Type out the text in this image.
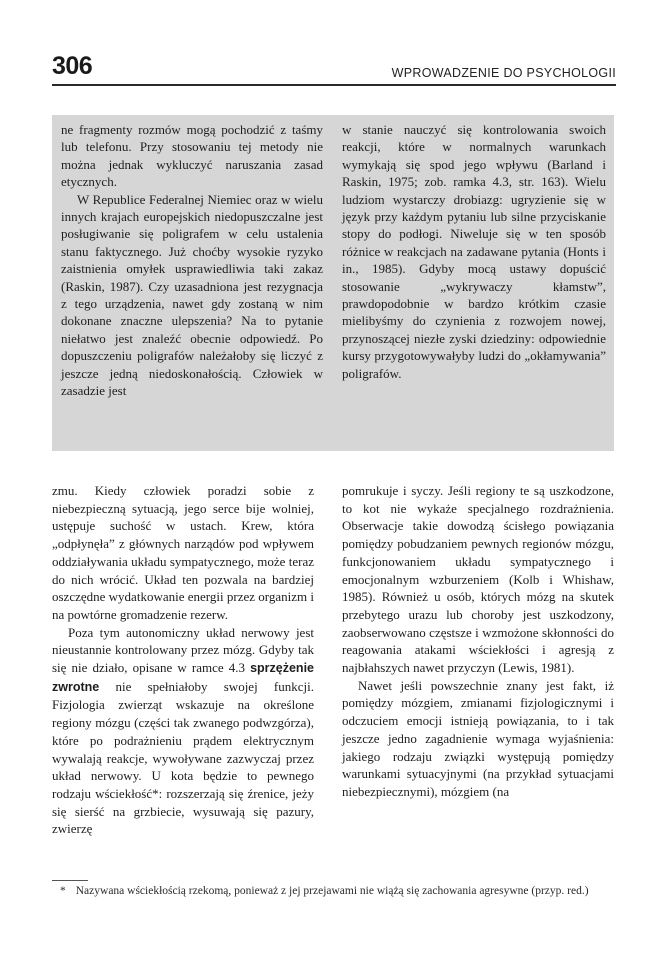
306	WPROWADZENIE DO PSYCHOLOGII

ne fragmenty rozmów mogą pochodzić z taśmy lub telefonu. Przy stosowaniu tej metody nie można jednak wykluczyć naruszania zasad etycznych.

W Republice Federalnej Niemiec oraz w wielu innych krajach europejskich niedopuszczalne jest posługiwanie się poligrafem w celu ustalenia stanu faktycznego. Już choćby wysokie ryzyko zaistnienia omyłek usprawiedliwia taki zakaz (Raskin, 1987). Czy uzasadniona jest rezygnacja z tego urządzenia, nawet gdy zostaną w nim dokonane znaczne ulepszenia? Na to pytanie niełatwo jest znaleźć obecnie odpowiedź. Po dopuszczeniu poligrafów należałoby się liczyć z jeszcze jedną niedoskonałością. Człowiek w zasadzie jest

w stanie nauczyć się kontrolowania swoich reakcji, które w normalnych warunkach wymykają się spod jego wpływu (Barland i Raskin, 1975; zob. ramka 4.3, str. 163). Wielu ludziom wystarczy drobiazg: ugryzienie się w język przy każdym pytaniu lub silne przyciskanie stopy do podłogi. Niweluje się w ten sposób różnice w reakcjach na zadawane pytania (Honts i in., 1985). Gdyby mocą ustawy dopuścić stosowanie „wykrywaczy kłamstw”, prawdopodobnie w bardzo krótkim czasie mielibyśmy do czynienia z rozwojem nowej, przynoszącej niezłe zyski dziedziny: odpowiednie kursy przygotowywałyby ludzi do „okłamywania” poligrafów.

zmu. Kiedy człowiek poradzi sobie z niebezpieczną sytuacją, jego serce bije wolniej, ustępuje suchość w ustach. Krew, która „odpłynęła” z głównych narządów pod wpływem oddziaływania układu sympatycznego, może teraz do nich wrócić. Układ ten pozwala na bardziej oszczędne wydatkowanie energii przez organizm i na powtórne gromadzenie rezerw.

Poza tym autonomiczny układ nerwowy jest nieustannie kontrolowany przez mózg. Gdyby tak się nie działo, opisane w ramce 4.3 sprzężenie zwrotne nie spełniałoby swojej funkcji. Fizjologia zwierząt wskazuje na określone regiony mózgu (części tak zwanego podwzgórza), które po podrażnieniu prądem elektrycznym wywalają reakcje, wywoływane zazwyczaj przez układ nerwowy. U kota będzie to pewnego rodzaju wściekłość*: rozszerzają się źrenice, jeży się sierść na grzbiecie, wysuwają się pazury, zwierzę

pomrukuje i syczy. Jeśli regiony te są uszkodzone, to kot nie wykaże specjalnego rozdrażnienia. Obserwacje takie dowodzą ścisłego powiązania pomiędzy pobudzaniem pewnych regionów mózgu, funkcjonowaniem układu sympatycznego i emocjonalnym wzburzeniem (Kolb i Whishaw, 1985). Również u osób, których mózg na skutek przebytego urazu lub choroby jest uszkodzony, zaobserwowano częstsze i wzmożone skłonności do reagowania atakami wściekłości i agresją z najbłahszych nawet przyczyn (Lewis, 1981).

Nawet jeśli powszechnie znany jest fakt, iż pomiędzy mózgiem, zmianami fizjologicznymi i odczuciem emocji istnieją powiązania, to i tak jeszcze jedno zagadnienie wymaga wyjaśnienia: jakiego rodzaju związki występują pomiędzy warunkami sytuacyjnymi (na przykład sytuacjami niebezpiecznymi), mózgiem (na

* Nazywana wściekłością rzekomą, ponieważ z jej przejawami nie wiążą się zachowania agresywne (przyp. red.)
